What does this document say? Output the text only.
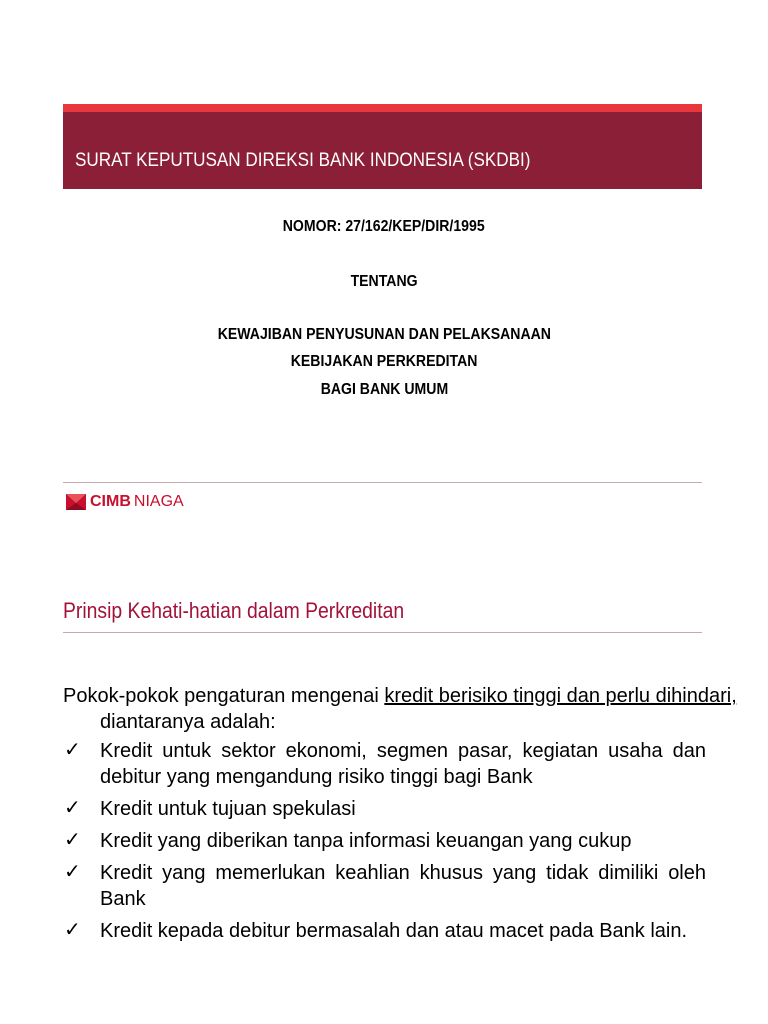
SURAT KEPUTUSAN DIREKSI BANK INDONESIA (SKDBI)
NOMOR: 27/162/KEP/DIR/1995
TENTANG
KEWAJIBAN PENYUSUNAN DAN PELAKSANAAN
KEBIJAKAN PERKREDITAN
BAGI BANK UMUM
CIMB NIAGA
Prinsip Kehati-hatian dalam Perkreditan
Pokok-pokok pengaturan mengenai kredit berisiko tinggi dan perlu dihindari, diantaranya adalah:
✓ Kredit untuk sektor ekonomi, segmen pasar, kegiatan usaha dan debitur yang mengandung risiko tinggi bagi Bank
✓ Kredit untuk tujuan spekulasi
✓ Kredit yang diberikan tanpa informasi keuangan yang cukup
✓ Kredit yang memerlukan keahlian khusus yang tidak dimiliki oleh Bank
✓ Kredit kepada debitur bermasalah dan atau macet pada Bank lain.
